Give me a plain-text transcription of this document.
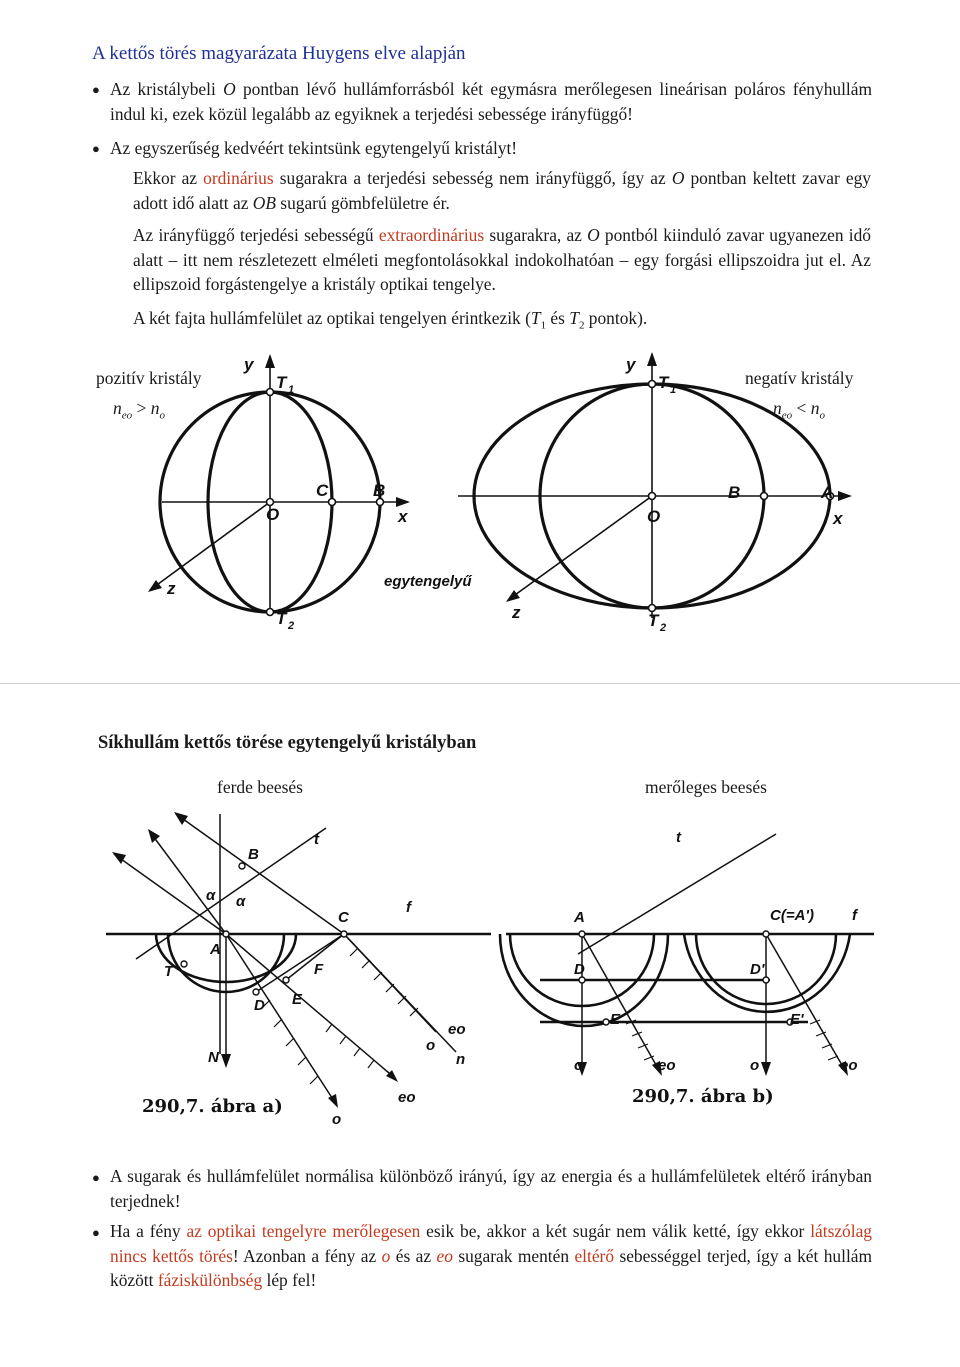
A kettős törés magyarázata Huygens elve alapján
● Az kristálybeli O pontban lévő hullámforrásból két egymásra merőlegesen lineárisan poláros fényhullám indul ki, ezek közül legalább az egyiknek a terjedési sebessége irányfüggő!
● Az egyszerűség kedvéért tekintsünk egytengelyű kristályt!
Ekkor az ordinárius sugarakra a terjedési sebesség nem irányfüggő, így az O pontban keltett zavar egy adott idő alatt az OB sugarú gömbfelületre ér.
Az irányfüggő terjedési sebességű extraordinárius sugarakra, az O pontból kiinduló zavar ugyanezen idő alatt – itt nem részletezett elméleti megfontolásokkal indokolhatóan – egy forgási ellipszoidra jut el. Az ellipszoid forgástengelye a kristály optikai tengelye.
A két fajta hullámfelület az optikai tengelyen érintkezik ($T_1$ és $T_2$ pontok).
pozitív kristály
$n_{eo} > n_o$
negatív kristály
$n_{eo} < n_o$
y
T 1
T 2
C	B
O	x
z
y
T 1
T 2
B	A
O	x
z
egytengelyű
Síkhullám kettős törése egytengelyű kristályban
ferde beesés	merőleges beesés
B
t
α α
C
f
A
T
D
F
E
eo
o
n
N
o
eo
290,7. ábra a)
t
A	C(=A')	f
D	D'
E	E'
o	eo	o	eo
290,7. ábra b)
● A sugarak és hullámfelület normálisa különböző irányú, így az energia és a hullámfelületek eltérő irányban terjednek!
● Ha a fény az optikai tengelyre merőlegesen esik be, akkor a két sugár nem válik ketté, így ekkor látszólag nincs kettős törés! Azonban a fény az o és az eo sugarak mentén eltérő sebességgel terjed, így a két hullám között fáziskülönbség lép fel!
